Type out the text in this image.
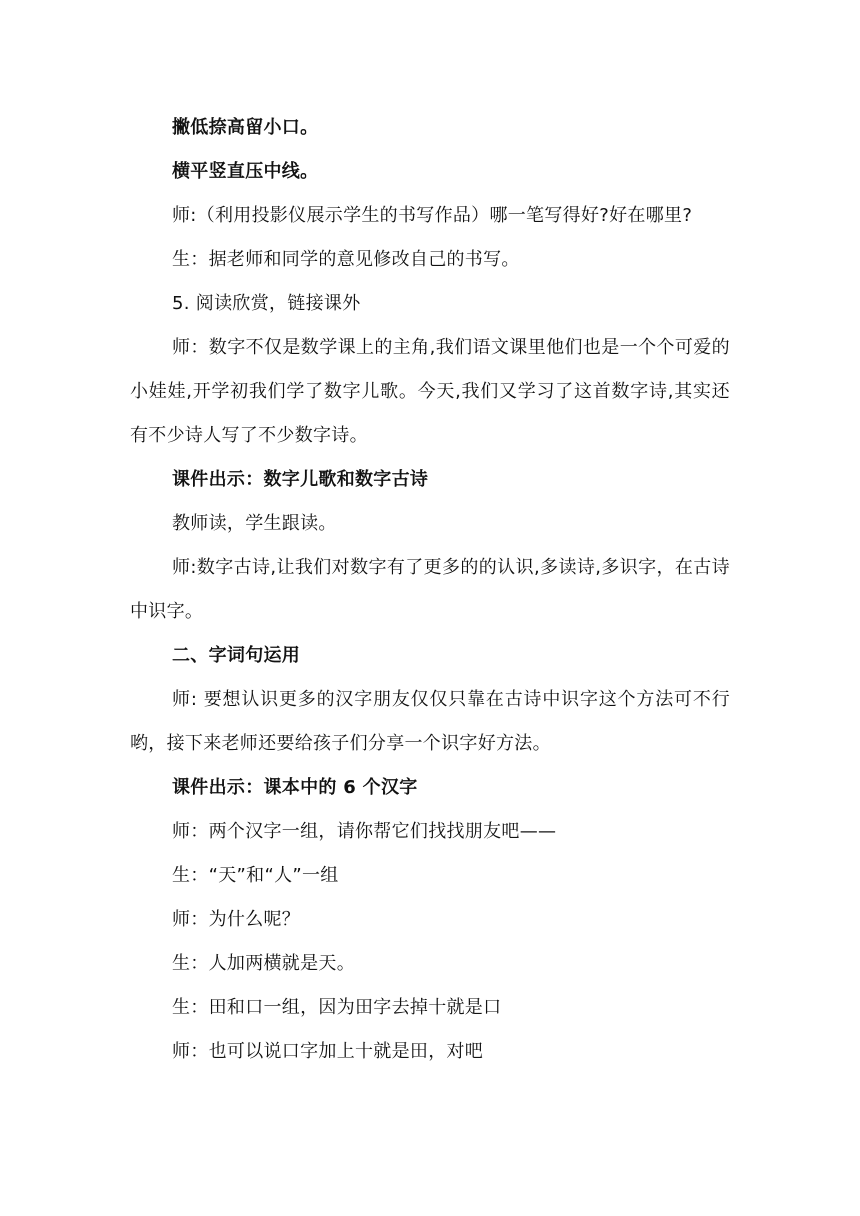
撇低捺高留小口。

横平竖直压中线。

师:（利用投影仪展示学生的书写作品）哪一笔写得好?好在哪里?

生：据老师和同学的意见修改自己的书写。

5. 阅读欣赏，链接课外

师：数字不仅是数学课上的主角,我们语文课里他们也是一个个可爱的小娃娃,开学初我们学了数字儿歌。今天,我们又学习了这首数字诗,其实还有不少诗人写了不少数字诗。

课件出示：数字儿歌和数字古诗

教师读，学生跟读。

师:数字古诗,让我们对数字有了更多的的认识,多读诗,多识字，在古诗中识字。

二、字词句运用

师: 要想认识更多的汉字朋友仅仅只靠在古诗中识字这个方法可不行哟，接下来老师还要给孩子们分享一个识字好方法。

课件出示：课本中的 6 个汉字

师：两个汉字一组，请你帮它们找找朋友吧——

生：“天”和“人”一组

师：为什么呢？

生：人加两横就是天。

生：田和口一组，因为田字去掉十就是口

师：也可以说口字加上十就是田，对吧
